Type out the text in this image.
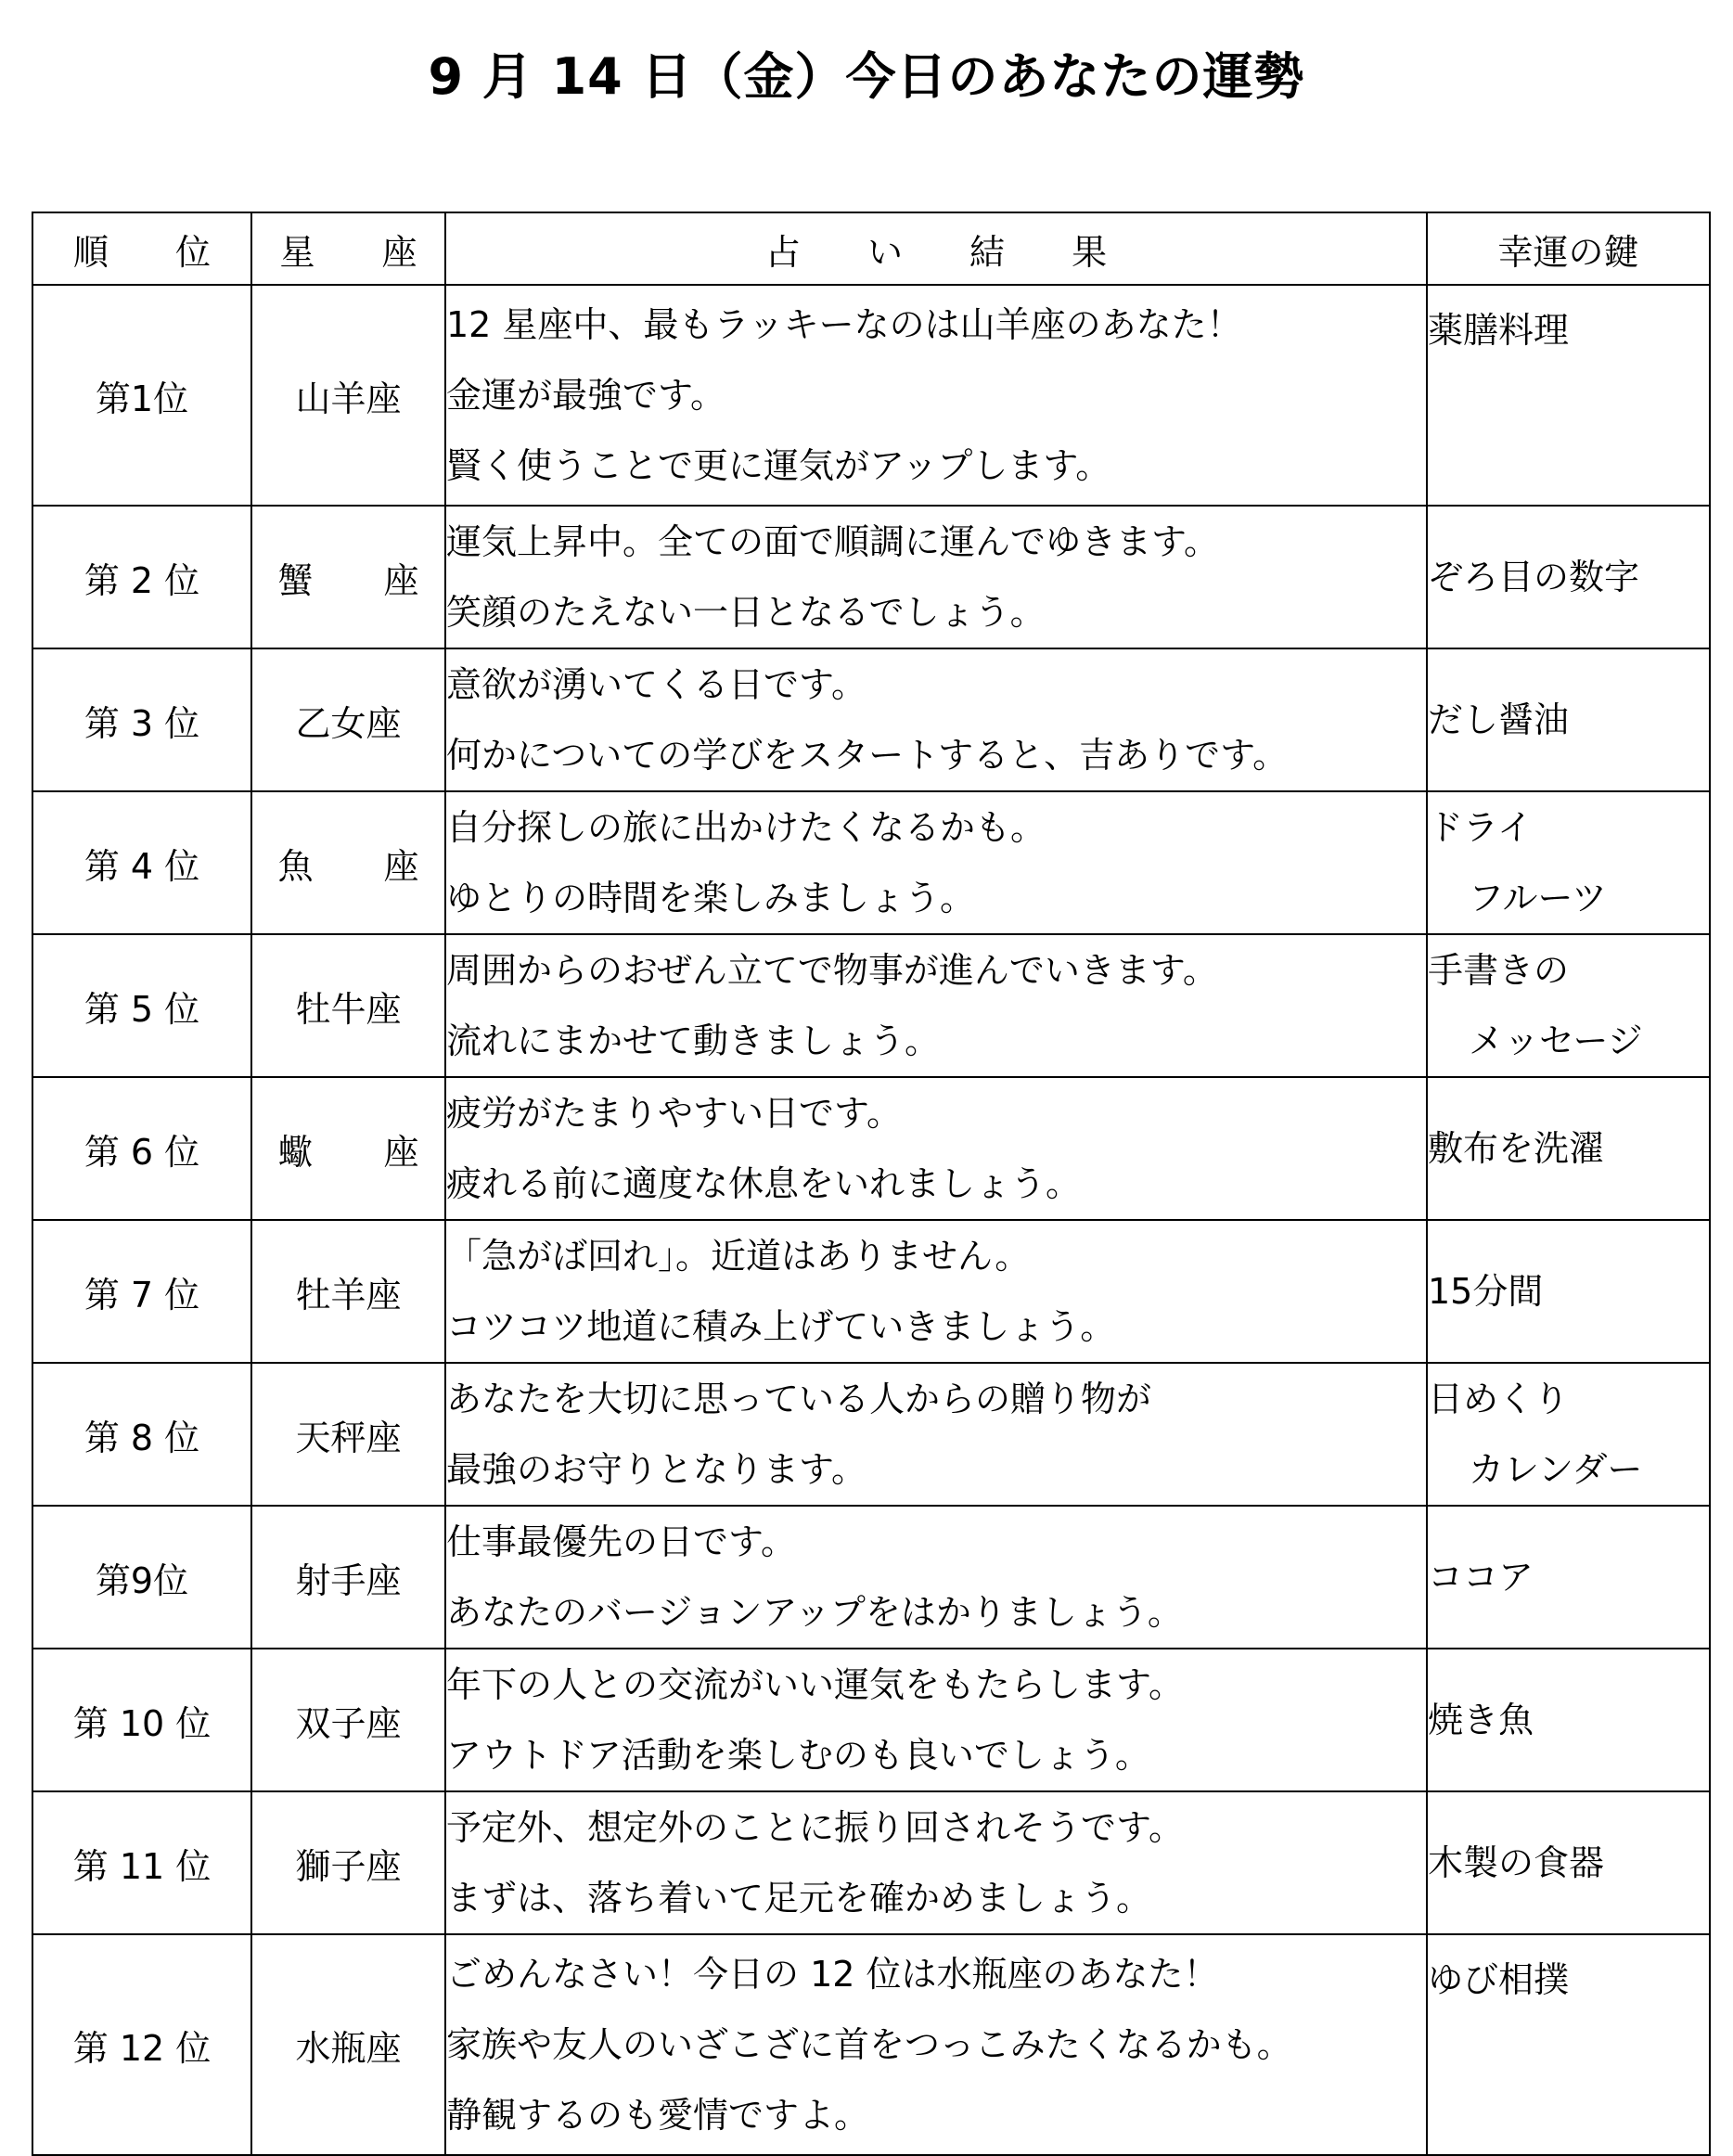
9 月 14 日（金）今日のあなたの運勢
順 位	星 座	占 い 結 果	幸運の鍵
第1位	山羊座	12 星座中、最もラッキーなのは山羊座のあなた！
金運が最強です。
賢く使うことで更に運気がアップします。	薬膳料理

第 2 位	蟹 座	運気上昇中。全ての面で順調に運んでゆきます。
笑顔のたえない一日となるでしょう。	ぞろ目の数字

第 3 位	乙女座	意欲が湧いてくる日です。
何かについての学びをスタートすると、吉ありです。	だし醤油

第 4 位	魚 座	自分探しの旅に出かけたくなるかも。
ゆとりの時間を楽しみましょう。	ドライ
フルーツ

第 5 位	牡牛座	周囲からのおぜん立てで物事が進んでいきます。
流れにまかせて動きましょう。	手書きの
メッセージ

第 6 位	蠍 座	疲労がたまりやすい日です。
疲れる前に適度な休息をいれましょう。	敷布を洗濯

第 7 位	牡羊座	「急がば回れ」。近道はありません。
コツコツ地道に積み上げていきましょう。	15分間

第 8 位	天秤座	あなたを大切に思っている人からの贈り物が
最強のお守りとなります。	日めくり
カレンダー

第9位	射手座	仕事最優先の日です。
あなたのバージョンアップをはかりましょう。	ココア

第 10 位	双子座	年下の人との交流がいい運気をもたらします。
アウトドア活動を楽しむのも良いでしょう。	焼き魚

第 11 位	獅子座	予定外、想定外のことに振り回されそうです。
まずは、落ち着いて足元を確かめましょう。	木製の食器

第 12 位	水瓶座	ごめんなさい！今日の 12 位は水瓶座のあなた！
家族や友人のいざこざに首をつっこみたくなるかも。
静観するのも愛情ですよ。	ゆび相撲
